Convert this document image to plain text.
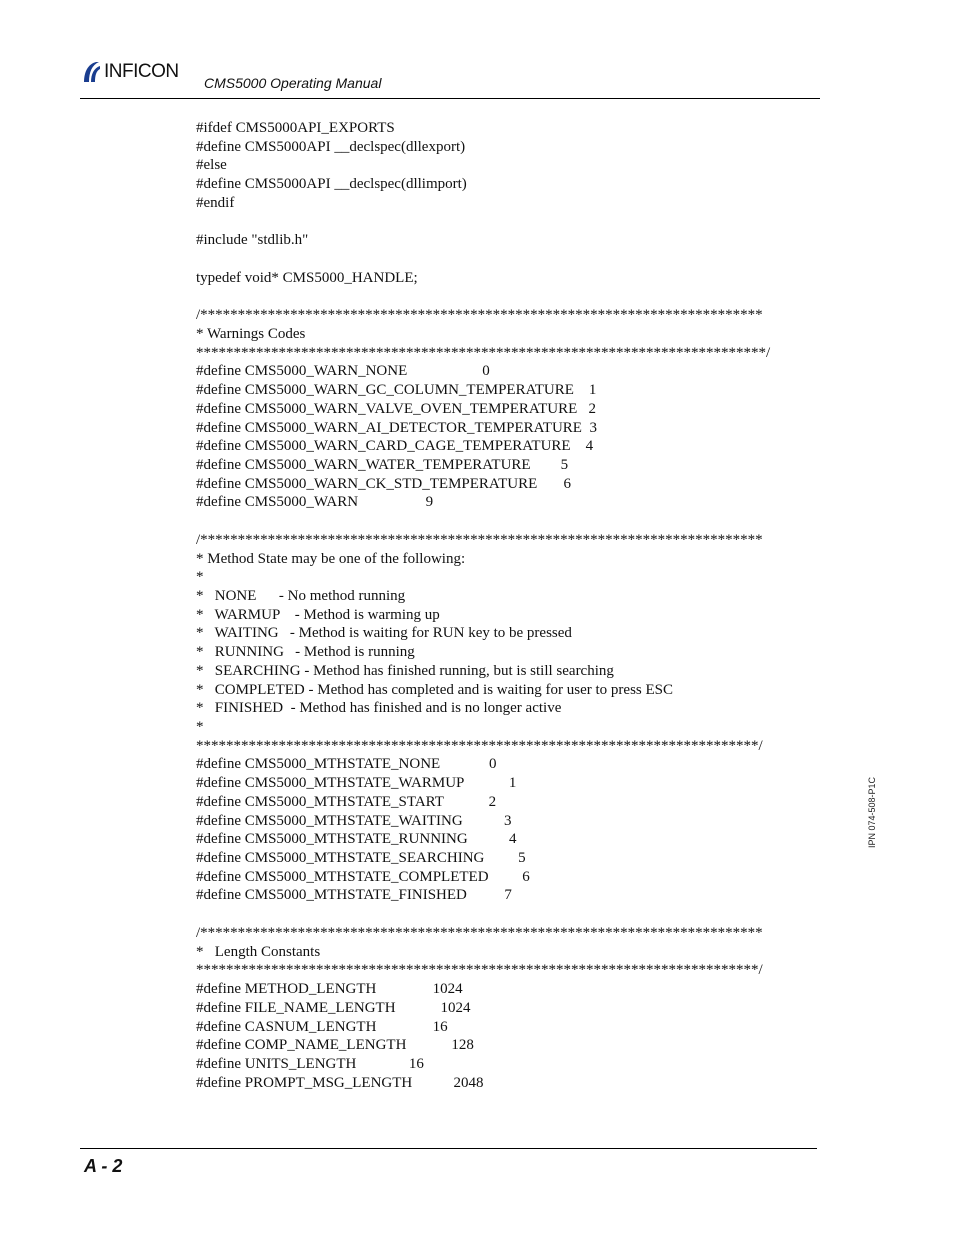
INFICON
CMS5000 Operating Manual
#ifdef CMS5000API_EXPORTS
#define CMS5000API __declspec(dllexport)
#else
#define CMS5000API __declspec(dllimport)
#endif
#include "stdlib.h"
typedef void* CMS5000_HANDLE;
/***************************************************************************
* Warnings Codes
****************************************************************************/
#define CMS5000_WARN_NONE                    0
#define CMS5000_WARN_GC_COLUMN_TEMPERATURE    1
#define CMS5000_WARN_VALVE_OVEN_TEMPERATURE   2
#define CMS5000_WARN_AI_DETECTOR_TEMPERATURE  3
#define CMS5000_WARN_CARD_CAGE_TEMPERATURE    4
#define CMS5000_WARN_WATER_TEMPERATURE        5
#define CMS5000_WARN_CK_STD_TEMPERATURE       6
#define CMS5000_WARN                  9
/***************************************************************************
* Method State may be one of the following:
*
*   NONE      - No method running
*   WARMUP    - Method is warming up
*   WAITING   - Method is waiting for RUN key to be pressed
*   RUNNING   - Method is running
*   SEARCHING - Method has finished running, but is still searching
*   COMPLETED - Method has completed and is waiting for user to press ESC
*   FINISHED  - Method has finished and is no longer active
*
***************************************************************************/
#define CMS5000_MTHSTATE_NONE             0
#define CMS5000_MTHSTATE_WARMUP            1
#define CMS5000_MTHSTATE_START            2
#define CMS5000_MTHSTATE_WAITING           3
#define CMS5000_MTHSTATE_RUNNING           4
#define CMS5000_MTHSTATE_SEARCHING         5
#define CMS5000_MTHSTATE_COMPLETED         6
#define CMS5000_MTHSTATE_FINISHED          7
/***************************************************************************
*   Length Constants
***************************************************************************/
#define METHOD_LENGTH               1024
#define FILE_NAME_LENGTH            1024
#define CASNUM_LENGTH               16
#define COMP_NAME_LENGTH            128
#define UNITS_LENGTH              16
#define PROMPT_MSG_LENGTH           2048
IPN 074-508-P1C
A - 2
